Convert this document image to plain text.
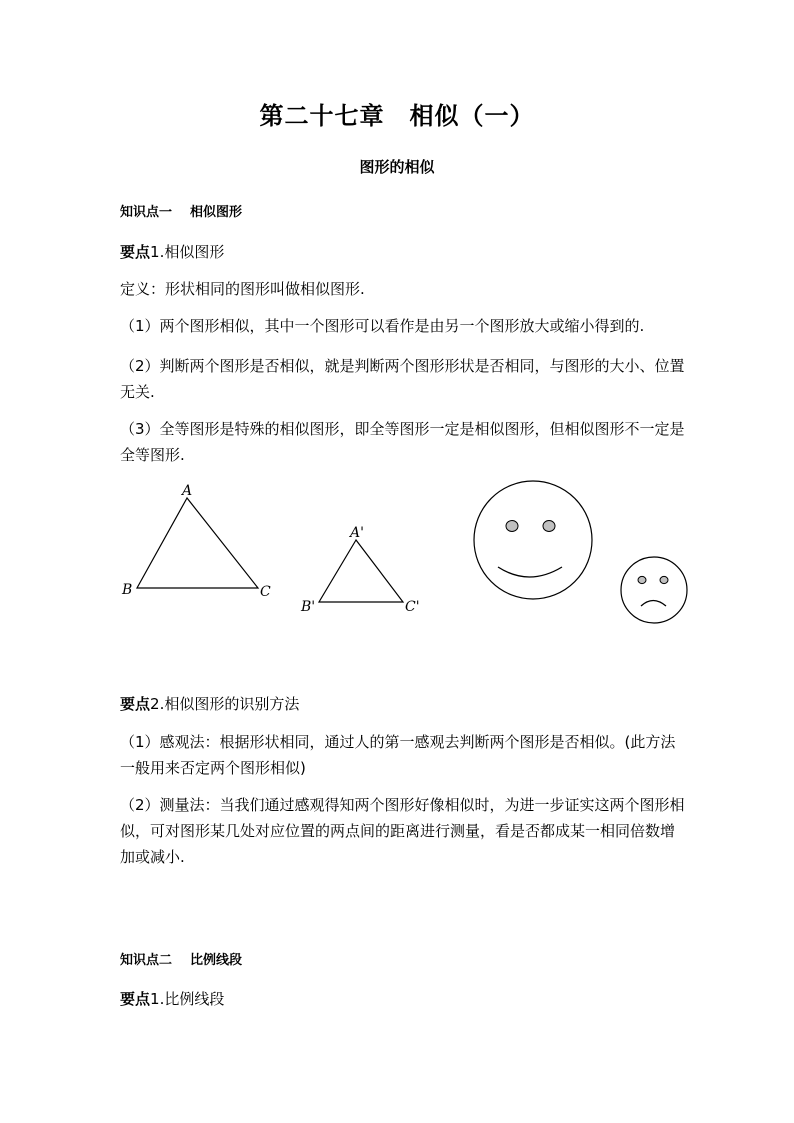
第二十七章　相似（一）
图形的相似
知识点一 相似图形
要点1.相似图形
定义：形状相同的图形叫做相似图形.
（1）两个图形相似，其中一个图形可以看作是由另一个图形放大或缩小得到的.
（2）判断两个图形是否相似，就是判断两个图形形状是否相同，与图形的大小、位置无关.
（3）全等图形是特殊的相似图形，即全等图形一定是相似图形，但相似图形不一定是全等图形.
A
B	C
A'
B'	C'
要点2.相似图形的识别方法
（1）感观法：根据形状相同，通过人的第一感观去判断两个图形是否相似。(此方法一般用来否定两个图形相似)
（2）测量法：当我们通过感观得知两个图形好像相似时，为进一步证实这两个图形相似，可对图形某几处对应位置的两点间的距离进行测量，看是否都成某一相同倍数增加或减小.
知识点二 比例线段
要点1.比例线段
